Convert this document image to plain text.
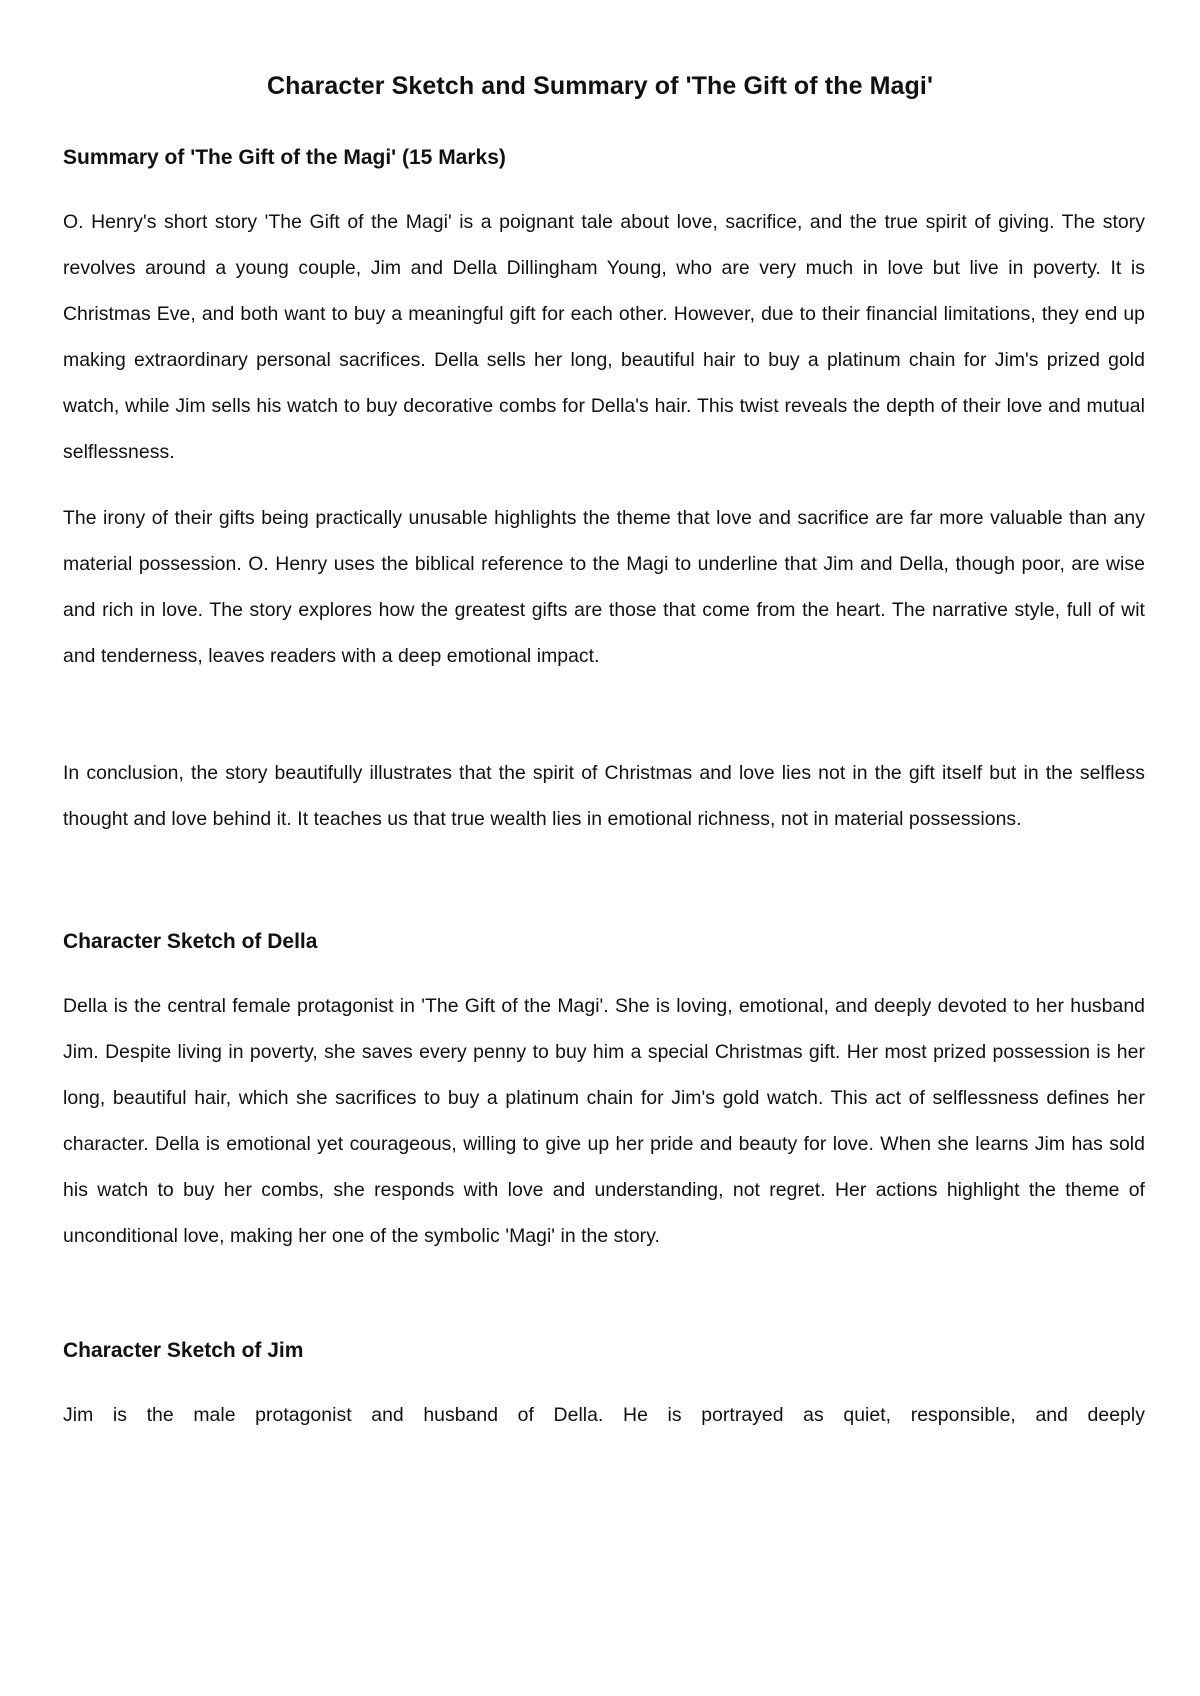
Character Sketch and Summary of 'The Gift of the Magi'
Summary of 'The Gift of the Magi' (15 Marks)

O. Henry's short story 'The Gift of the Magi' is a poignant tale about love, sacrifice, and the true spirit of giving. The story revolves around a young couple, Jim and Della Dillingham Young, who are very much in love but live in poverty. It is Christmas Eve, and both want to buy a meaningful gift for each other. However, due to their financial limitations, they end up making extraordinary personal sacrifices. Della sells her long, beautiful hair to buy a platinum chain for Jim's prized gold watch, while Jim sells his watch to buy decorative combs for Della's hair. This twist reveals the depth of their love and mutual selflessness.

The irony of their gifts being practically unusable highlights the theme that love and sacrifice are far more valuable than any material possession. O. Henry uses the biblical reference to the Magi to underline that Jim and Della, though poor, are wise and rich in love. The story explores how the greatest gifts are those that come from the heart. The narrative style, full of wit and tenderness, leaves readers with a deep emotional impact.

In conclusion, the story beautifully illustrates that the spirit of Christmas and love lies not in the gift itself but in the selfless thought and love behind it. It teaches us that true wealth lies in emotional richness, not in material possessions.

Character Sketch of Della

Della is the central female protagonist in 'The Gift of the Magi'. She is loving, emotional, and deeply devoted to her husband Jim. Despite living in poverty, she saves every penny to buy him a special Christmas gift. Her most prized possession is her long, beautiful hair, which she sacrifices to buy a platinum chain for Jim's gold watch. This act of selflessness defines her character. Della is emotional yet courageous, willing to give up her pride and beauty for love. When she learns Jim has sold his watch to buy her combs, she responds with love and understanding, not regret. Her actions highlight the theme of unconditional love, making her one of the symbolic 'Magi' in the story.

Character Sketch of Jim

Jim is the male protagonist and husband of Della. He is portrayed as quiet, responsible, and deeply
